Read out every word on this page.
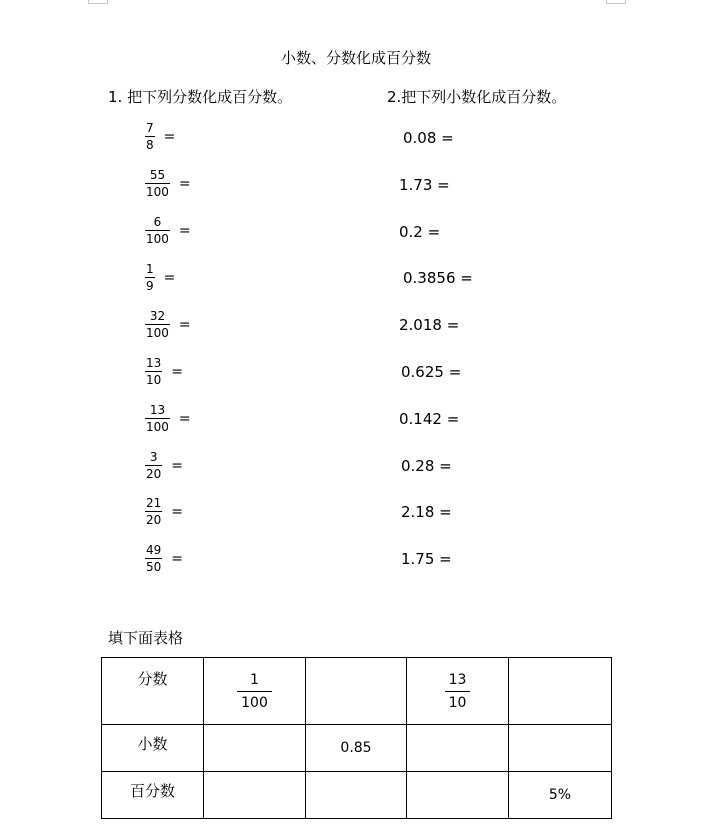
小数、分数化成百分数
1. 把下列分数化成百分数。	2.把下列小数化成百分数。
$\frac{7}{8}$ =
$\frac{55}{100}$ =
$\frac{6}{100}$ =
$\frac{1}{9}$ =
$\frac{32}{100}$ =
$\frac{13}{10}$ =
$\frac{13}{100}$ =
$\frac{3}{20}$ =
$\frac{21}{20}$ =
$\frac{49}{50}$ =
0.08 =
1.73 =
0.2 =
0.3856 =
2.018 =
0.625 =
0.142 =
0.28 =
2.18 =
1.75 =
填下面表格
分数	$\frac{1}{100}$		$\frac{13}{10}$

小数		0.85		
百分数				5%
